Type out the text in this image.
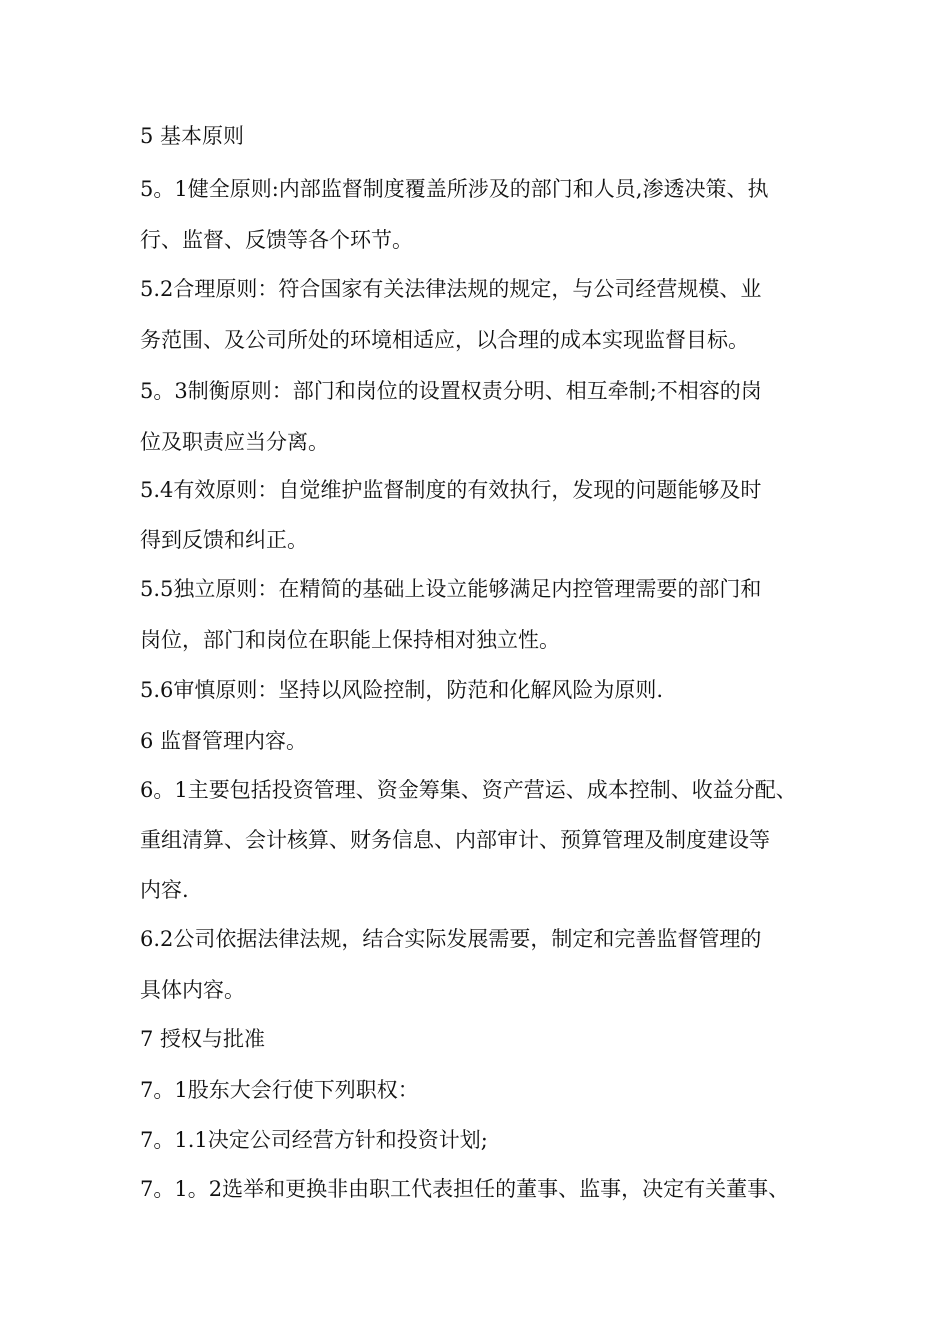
5 基本原则

5。1健全原则:内部监督制度覆盖所涉及的部门和人员,渗透决策、执

行、监督、反馈等各个环节。

5.2合理原则：符合国家有关法律法规的规定，与公司经营规模、业

务范围、及公司所处的环境相适应，以合理的成本实现监督目标。

5。3制衡原则：部门和岗位的设置权责分明、相互牵制;不相容的岗

位及职责应当分离。

5.4有效原则：自觉维护监督制度的有效执行，发现的问题能够及时

得到反馈和纠正。

5.5独立原则：在精简的基础上设立能够满足内控管理需要的部门和

岗位，部门和岗位在职能上保持相对独立性。

5.6审慎原则：坚持以风险控制，防范和化解风险为原则.

6 监督管理内容。

6。1主要包括投资管理、资金筹集、资产营运、成本控制、收益分配、

重组清算、会计核算、财务信息、内部审计、预算管理及制度建设等

内容.

6.2公司依据法律法规，结合实际发展需要，制定和完善监督管理的

具体内容。

7 授权与批准

7。1股东大会行使下列职权：

7。1.1决定公司经营方针和投资计划;

7。1。2选举和更换非由职工代表担任的董事、监事，决定有关董事、
